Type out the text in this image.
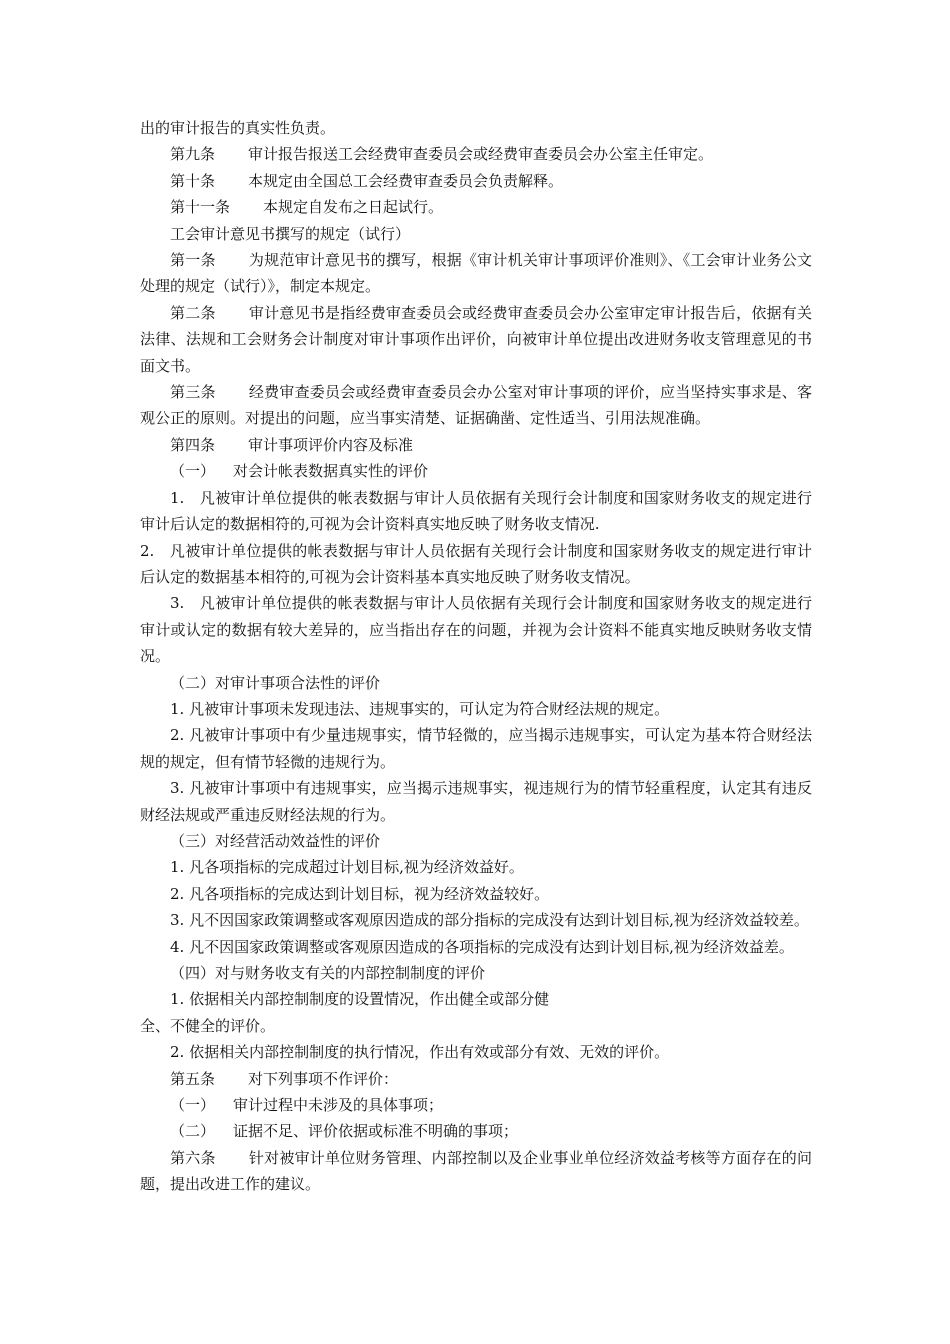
出的审计报告的真实性负责。

第九条 审计报告报送工会经费审查委员会或经费审查委员会办公室主任审定。

第十条 本规定由全国总工会经费审查委员会负责解释。

第十一条 本规定自发布之日起试行。

工会审计意见书撰写的规定（试行）

第一条 为规范审计意见书的撰写，根据《审计机关审计事项评价准则》、《工会审计业务公文处理的规定（试行）》，制定本规定。

第二条 审计意见书是指经费审查委员会或经费审查委员会办公室审定审计报告后，依据有关法律、法规和工会财务会计制度对审计事项作出评价，向被审计单位提出改进财务收支管理意见的书面文书。

第三条 经费审查委员会或经费审查委员会办公室对审计事项的评价，应当坚持实事求是、客观公正的原则。对提出的问题，应当事实清楚、证据确凿、定性适当、引用法规准确。

第四条 审计事项评价内容及标准

（一） 对会计帐表数据真实性的评价

1.　凡被审计单位提供的帐表数据与审计人员依据有关现行会计制度和国家财务收支的规定进行审计后认定的数据相符的,可视为会计资料真实地反映了财务收支情况.

2.　凡被审计单位提供的帐表数据与审计人员依据有关现行会计制度和国家财务收支的规定进行审计后认定的数据基本相符的,可视为会计资料基本真实地反映了财务收支情况。

3.　凡被审计单位提供的帐表数据与审计人员依据有关现行会计制度和国家财务收支的规定进行审计或认定的数据有较大差异的，应当指出存在的问题，并视为会计资料不能真实地反映财务收支情况。

（二）对审计事项合法性的评价

1. 凡被审计事项未发现违法、违规事实的，可认定为符合财经法规的规定。

2. 凡被审计事项中有少量违规事实，情节轻微的，应当揭示违规事实，可认定为基本符合财经法规的规定，但有情节轻微的违规行为。

3. 凡被审计事项中有违规事实，应当揭示违规事实，视违规行为的情节轻重程度，认定其有违反财经法规或严重违反财经法规的行为。

（三）对经营活动效益性的评价

1. 凡各项指标的完成超过计划目标,视为经济效益好。

2. 凡各项指标的完成达到计划目标，视为经济效益较好。

3. 凡不因国家政策调整或客观原因造成的部分指标的完成没有达到计划目标,视为经济效益较差。

4. 凡不因国家政策调整或客观原因造成的各项指标的完成没有达到计划目标,视为经济效益差。

（四）对与财务收支有关的内部控制制度的评价

1. 依据相关内部控制制度的设置情况，作出健全或部分健

全、不健全的评价。

2. 依据相关内部控制制度的执行情况，作出有效或部分有效、无效的评价。

第五条 对下列事项不作评价：

（一） 审计过程中未涉及的具体事项；

（二） 证据不足、评价依据或标准不明确的事项；

第六条 针对被审计单位财务管理、内部控制以及企业事业单位经济效益考核等方面存在的问题，提出改进工作的建议。
